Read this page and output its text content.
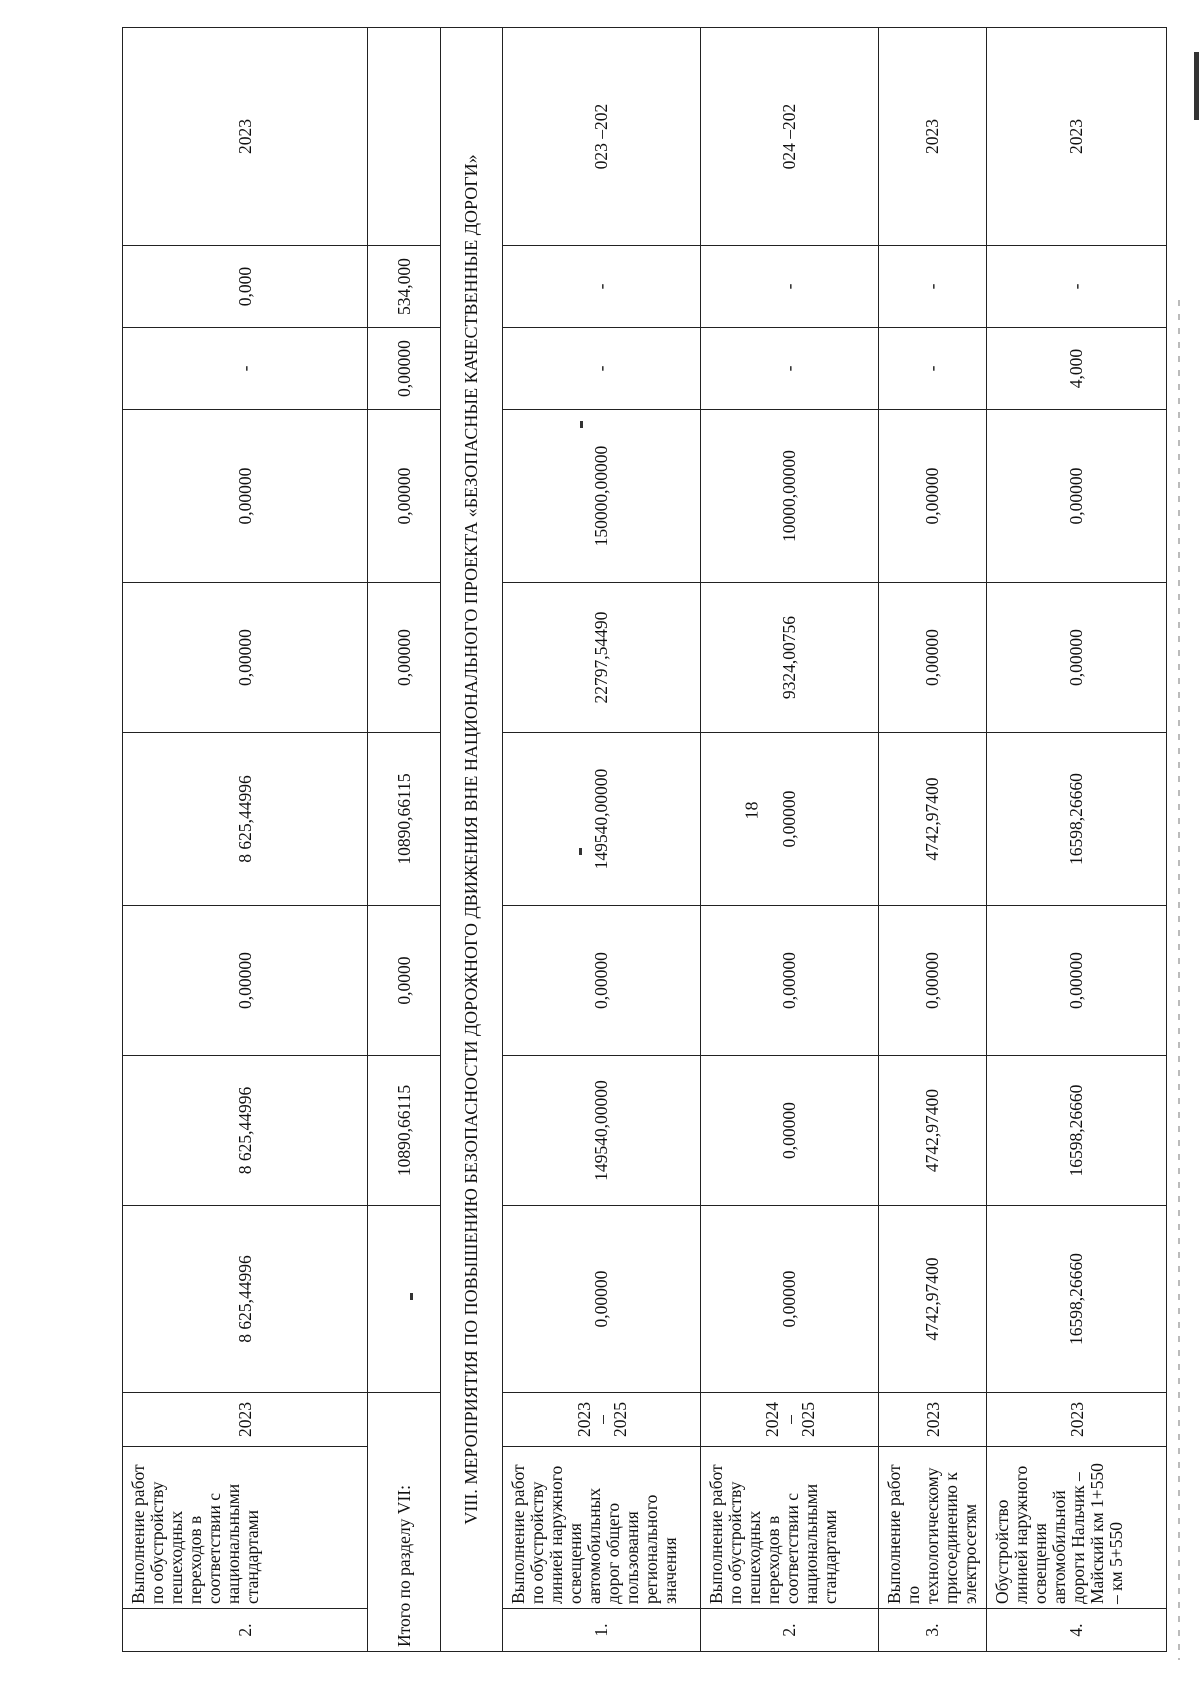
18
2.	Выполнение работ по обустройству пешеходных переходов в соответствии с национальными стандартами	2023	8 625,44996	8 625,44996	0,00000	8 625,44996	0,00000	0,00000	-	0,000	2023
Итого по разделу VII:				10890,66115	0,0000	10890,66115	0,00000	0,00000	0,00000	534,000	
VIII. МЕРОПРИЯТИЯ ПО ПОВЫШЕНИЮ БЕЗОПАСНОСТИ ДОРОЖНОГО ДВИЖЕНИЯ ВНЕ НАЦИОНАЛЬНОГО ПРОЕКТА «БЕЗОПАСНЫЕ КАЧЕСТВЕННЫЕ ДОРОГИ»											
1.	Выполнение работ по обустройству линией наружного освещения автомобильных дорог общего пользования регионального значения	2023 – 2025	0,00000	149540,00000	0,00000	149540,00000	22797,54490	150000,00000	-	-	023 –202
2.	Выполнение работ по обустройству пешеходных переходов в соответствии с национальными стандартами	2024 – 2025	0,00000	0,00000	0,00000	0,00000	9324,00756	10000,00000	-	-	024 –202
3.	Выполнение работ по технологическому присоединению к электросетям	2023	4742,97400	4742,97400	0,00000	4742,97400	0,00000	0,00000	-	-	2023
4.	Обустройство линией наружного освещения автомобильной дороги Нальчик – Майский км 1+550 – км 5+550	2023	16598,26660	16598,26660	0,00000	16598,26660	0,00000	0,00000	4,000	-	2023
